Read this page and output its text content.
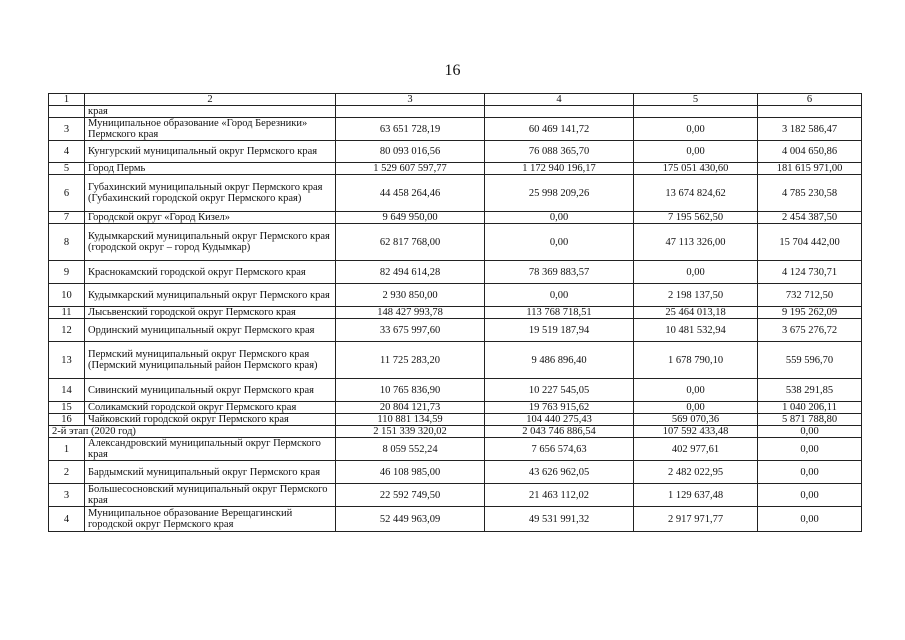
16
1	2	3	4	5	6
	края				
3	Муниципальное образование «Город Березники» Пермского края	63 651 728,19	60 469 141,72	0,00	3 182 586,47
4	Кунгурский муниципальный округ Пермского края	80 093 016,56	76 088 365,70	0,00	4 004 650,86
5	Город Пермь	1 529 607 597,77	1 172 940 196,17	175 051 430,60	181 615 971,00
6	Губахинский муниципальный округ Пермского края (Губахинский городской округ Пермского края)	44 458 264,46	25 998 209,26	13 674 824,62	4 785 230,58
7	Городской округ «Город Кизел»	9 649 950,00	0,00	7 195 562,50	2 454 387,50
8	Кудымкарский муниципальный округ Пермского края (городской округ – город Кудымкар)	62 817 768,00	0,00	47 113 326,00	15 704 442,00
9	Краснокамский городской округ Пермского края	82 494 614,28	78 369 883,57	0,00	4 124 730,71
10	Кудымкарский муниципальный округ Пермского края	2 930 850,00	0,00	2 198 137,50	732 712,50
11	Лысьвенский городской округ Пермского края	148 427 993,78	113 768 718,51	25 464 013,18	9 195 262,09
12	Ординский муниципальный округ Пермского края	33 675 997,60	19 519 187,94	10 481 532,94	3 675 276,72
13	Пермский муниципальный округ Пермского края (Пермский муниципальный район Пермского края)	11 725 283,20	9 486 896,40	1 678 790,10	559 596,70
14	Сивинский муниципальный округ Пермского края	10 765 836,90	10 227 545,05	0,00	538 291,85
15	Соликамский городской округ Пермского края	20 804 121,73	19 763 915,62	0,00	1 040 206,11
16	Чайковский городской округ Пермского края	110 881 134,59	104 440 275,43	569 070,36	5 871 788,80
2-й этап (2020 год)		2 151 339 320,02	2 043 746 886,54	107 592 433,48	0,00
1	Александровский муниципальный округ Пермского края	8 059 552,24	7 656 574,63	402 977,61	0,00
2	Бардымский муниципальный округ Пермского края	46 108 985,00	43 626 962,05	2 482 022,95	0,00
3	Большесосновский муниципальный округ Пермского края	22 592 749,50	21 463 112,02	1 129 637,48	0,00
4	Муниципальное образование Верещагинский городской округ Пермского края	52 449 963,09	49 531 991,32	2 917 971,77	0,00
